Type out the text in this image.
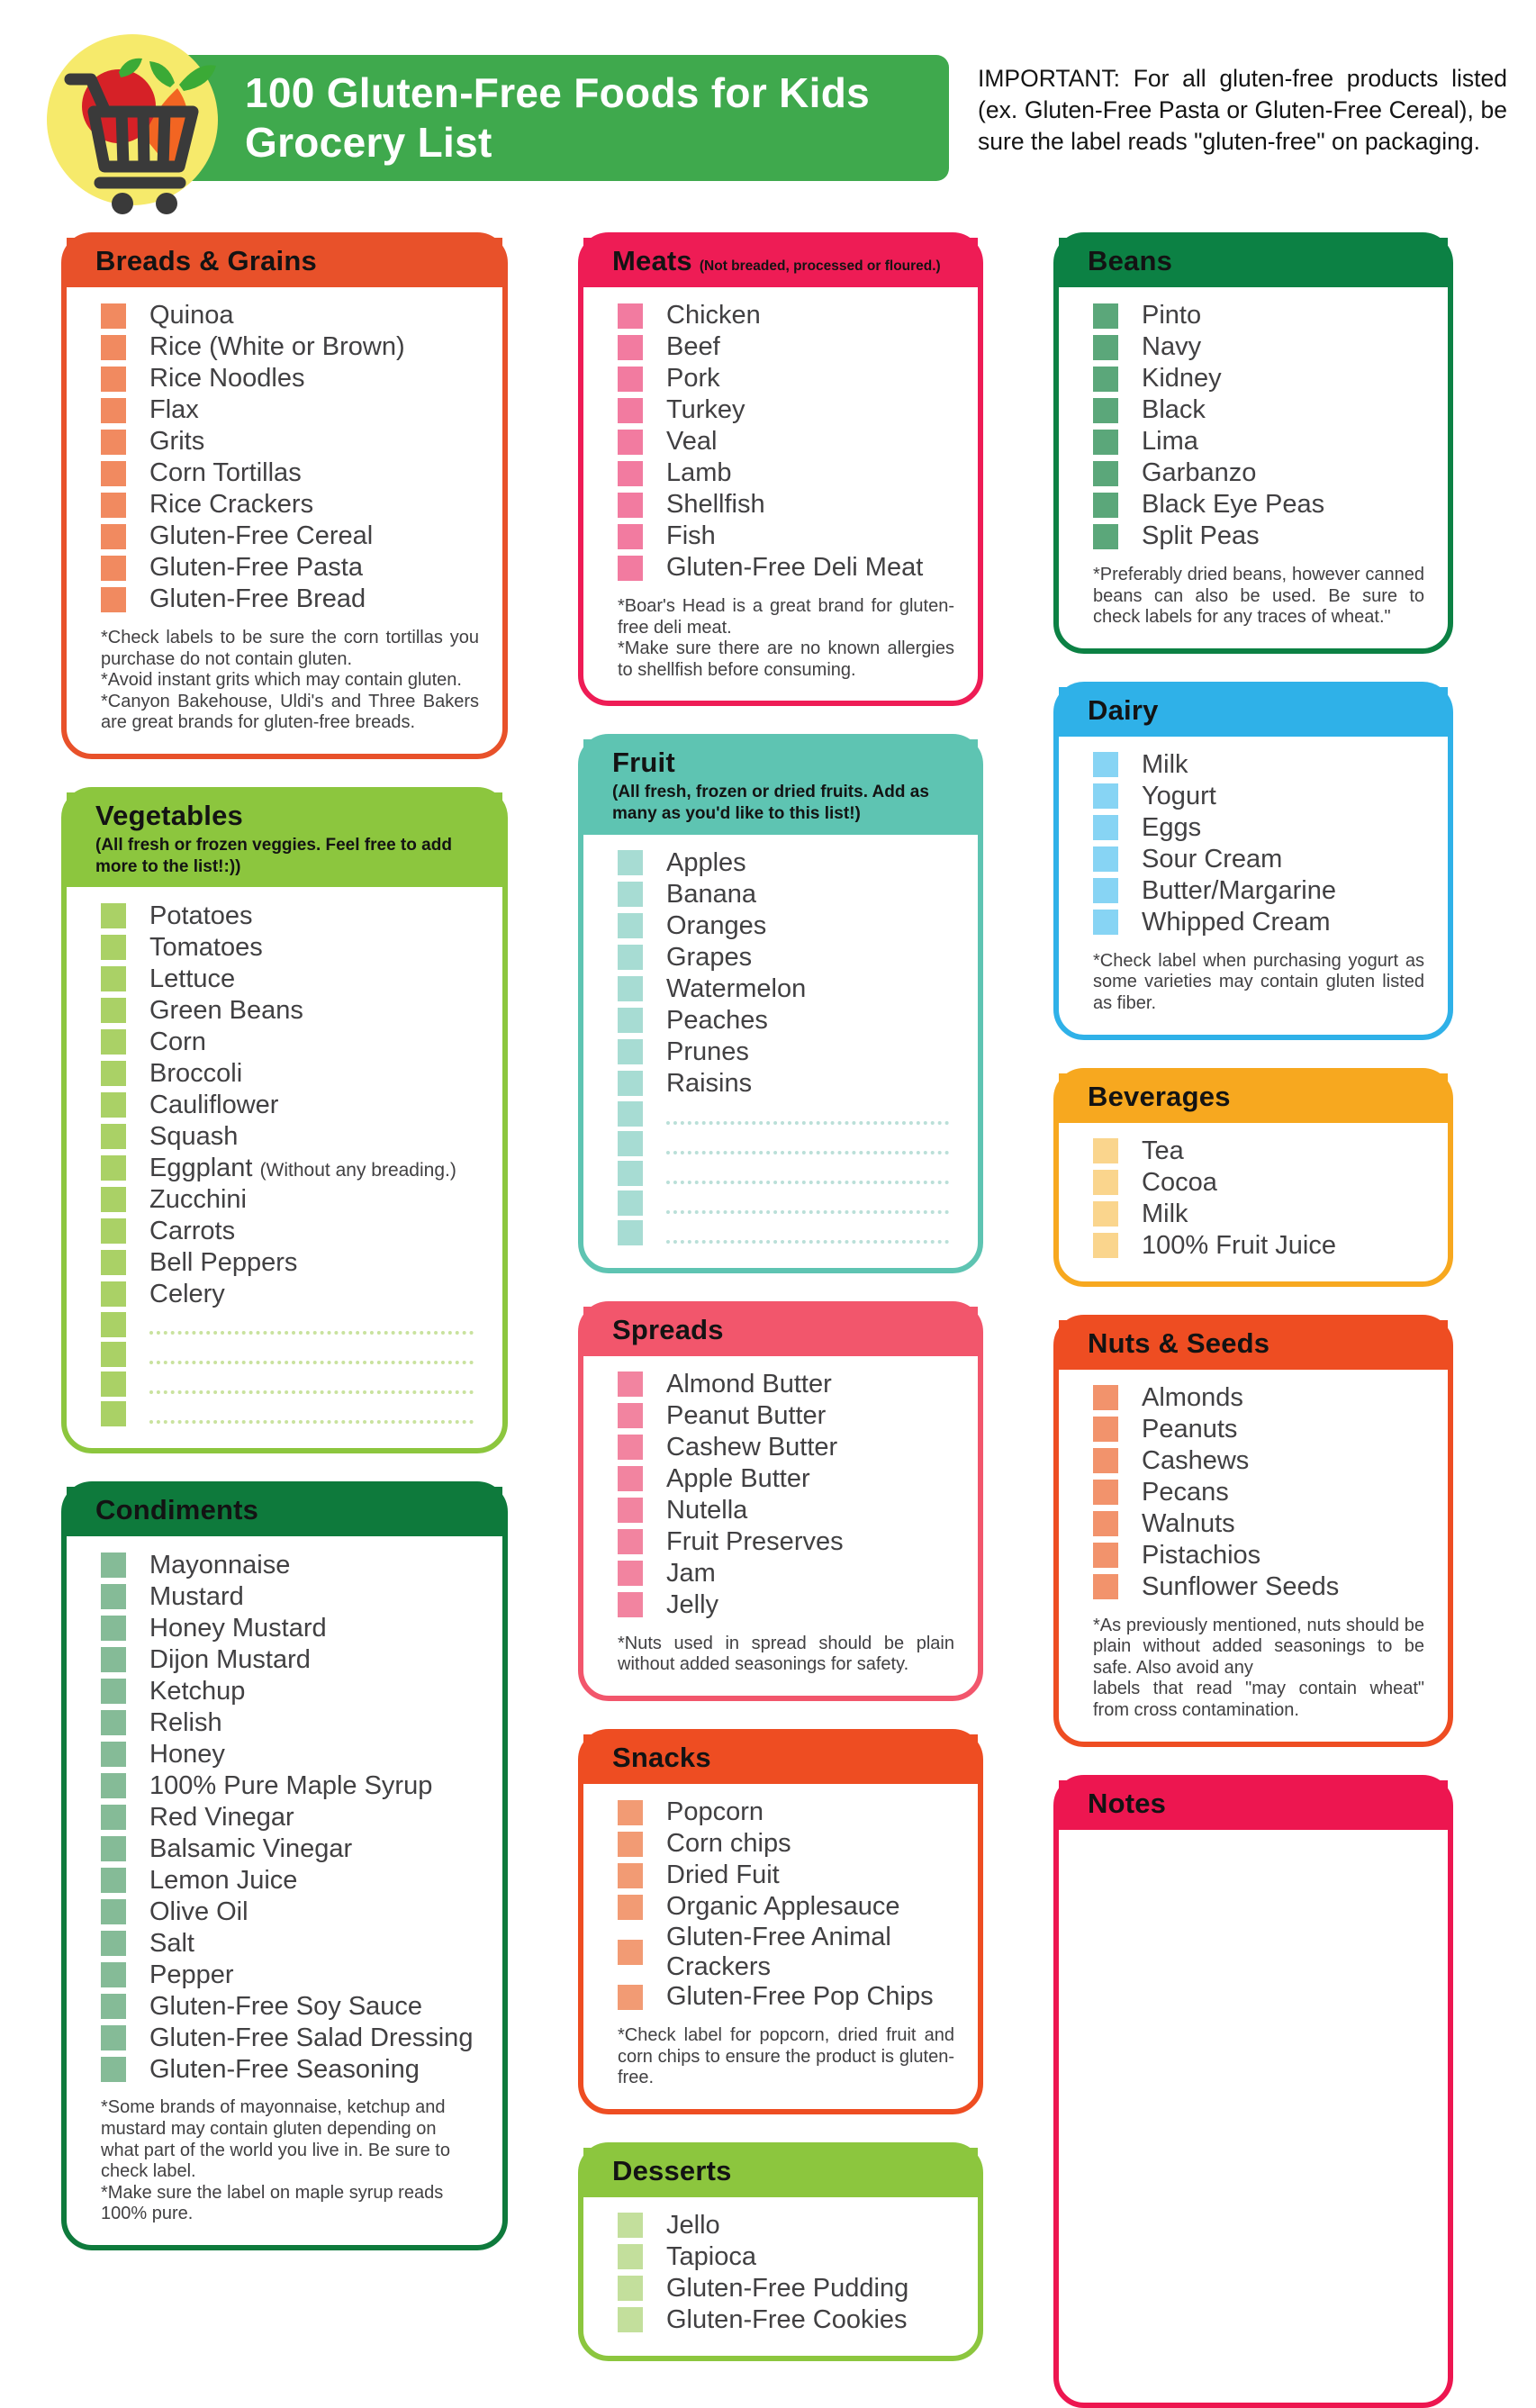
100 Gluten-Free Foods for Kids
Grocery List

IMPORTANT: For all gluten-free products listed (ex. Gluten-Free Pasta or Gluten-Free Cereal), be sure the label reads "gluten-free" on packaging.

Breads & Grains
Quinoa
Rice (White or Brown)
Rice Noodles
Flax
Grits
Corn Tortillas
Rice Crackers
Gluten-Free Cereal
Gluten-Free Pasta
Gluten-Free Bread

*Check labels to be sure the corn tortillas you purchase do not contain gluten.

*Avoid instant grits which may contain gluten.

*Canyon Bakehouse, Uldi's and Three Bakers are great brands for gluten-free breads.

Vegetables
(All fresh or frozen veggies. Feel free to add more to the list!:))
Potatoes
Tomatoes
Lettuce
Green Beans
Corn
Broccoli
Cauliflower
Squash
Eggplant (Without any breading.)
Zucchini
Carrots
Bell Peppers
Celery
Condiments
Mayonnaise
Mustard
Honey Mustard
Dijon Mustard
Ketchup
Relish
Honey
100% Pure Maple Syrup
Red Vinegar
Balsamic Vinegar
Lemon Juice
Olive Oil
Salt
Pepper
Gluten-Free Soy Sauce
Gluten-Free Salad Dressing
Gluten-Free Seasoning

*Some brands of mayonnaise, ketchup and mustard may contain gluten depending on what part of the world you live in. Be sure to check label.

*Make sure the label on maple syrup reads 100% pure.

Meats (Not breaded, processed or floured.)
Chicken
Beef
Pork
Turkey
Veal
Lamb
Shellfish
Fish
Gluten-Free Deli Meat

*Boar's Head is a great brand for gluten-free deli meat.

*Make sure there are no known allergies to shellfish before consuming.

Fruit
(All fresh, frozen or dried fruits. Add as many as you'd like to this list!)
Apples
Banana
Oranges
Grapes
Watermelon
Peaches
Prunes
Raisins
Spreads
Almond Butter
Peanut Butter
Cashew Butter
Apple Butter
Nutella
Fruit Preserves
Jam
Jelly

*Nuts used in spread should be plain without added seasonings for safety.

Snacks
Popcorn
Corn chips
Dried Fuit
Organic Applesauce
Gluten-Free Animal Crackers
Gluten-Free Pop Chips

*Check label for popcorn, dried fruit and corn chips to ensure the product is gluten-free.

Desserts
Jello
Tapioca
Gluten-Free Pudding
Gluten-Free Cookies
Beans
Pinto
Navy
Kidney
Black
Lima
Garbanzo
Black Eye Peas
Split Peas

*Preferably dried beans, however canned beans can also be used. Be sure to check labels for any traces of wheat."

Dairy
Milk
Yogurt
Eggs
Sour Cream
Butter/Margarine
Whipped Cream

*Check label when purchasing yogurt as some varieties may contain gluten listed as fiber.

Beverages
Tea
Cocoa
Milk
100% Fruit Juice
Nuts & Seeds
Almonds
Peanuts
Cashews
Pecans
Walnuts
Pistachios
Sunflower Seeds

*As previously mentioned, nuts should be plain without added seasonings to be safe. Also avoid any

labels that read "may contain wheat" from cross contamination.

Notes
